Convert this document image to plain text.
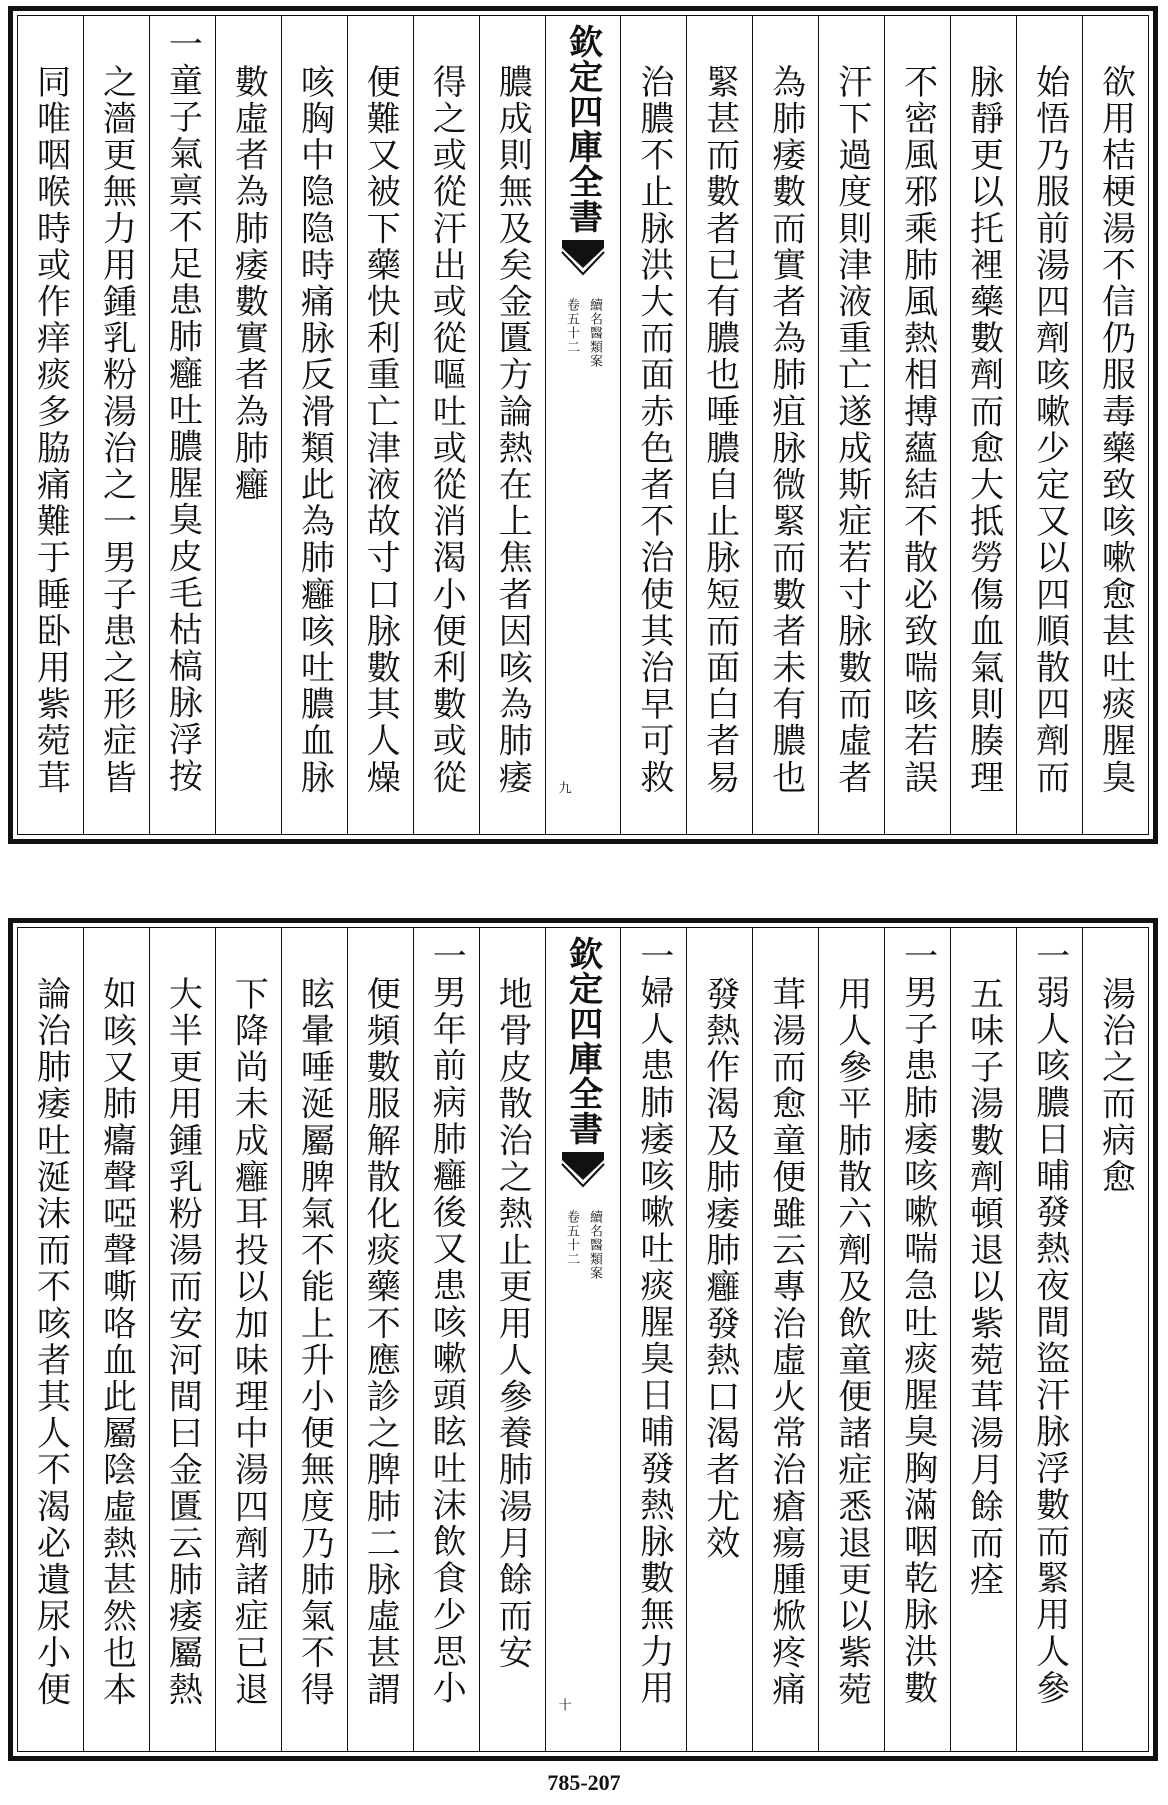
欲用桔梗湯不信仍服毒藥致咳嗽愈甚吐痰腥臭
始悟乃服前湯四劑咳嗽少定又以四順散四劑而
脉靜更以托裡藥數劑而愈大抵勞傷血氣則腠理
不密風邪乘肺風熱相搏蘊結不散必致喘咳若誤
汗下過度則津液重亡遂成斯症若寸脉數而虛者
為肺痿數而實者為肺疽脉微緊而數者未有膿也
緊甚而數者已有膿也唾膿自止脉短而面白者易
治膿不止脉洪大而面赤色者不治使其治早可救
欽定四庫全書
續名醫類案
卷五十二
九
膿成則無及矣金匱方論熱在上焦者因咳為肺痿
得之或從汗出或從嘔吐或從消渴小便利數或從
便難又被下藥快利重亡津液故寸口脉數其人燥
咳胸中隐隐時痛脉反滑類此為肺癰咳吐膿血脉
數虛者為肺痿數實者為肺癰
一童子氣禀不足患肺癰吐膿腥臭皮毛枯槁脉浮按
之濇更無力用鍾乳粉湯治之一男子患之形症皆
同唯咽喉時或作痒痰多脇痛難于睡卧用紫菀茸
湯治之而病愈
一弱人咳膿日晡發熱夜間盜汗脉浮數而緊用人參
五味子湯數劑頓退以紫菀茸湯月餘而痊
一男子患肺痿咳嗽喘急吐痰腥臭胸滿咽乾脉洪數
用人參平肺散六劑及飲童便諸症悉退更以紫菀
茸湯而愈童便雖云專治虛火常治瘡瘍腫焮疼痛
發熱作渴及肺痿肺癰發熱口渴者尤效
一婦人患肺痿咳嗽吐痰腥臭日晡發熱脉數無力用
欽定四庫全書
續名醫類案
卷五十二
十
地骨皮散治之熱止更用人參養肺湯月餘而安
一男年前病肺癰後又患咳嗽頭眩吐沫飲食少思小
便頻數服解散化痰藥不應診之脾肺二脉虛甚謂
眩暈唾涎屬脾氣不能上升小便無度乃肺氣不得
下降尚未成癰耳投以加味理中湯四劑諸症已退
大半更用鍾乳粉湯而安河間曰金匱云肺痿屬熱
如咳又肺癟聲啞聲嘶咯血此屬陰虛熱甚然也本
論治肺痿吐涎沫而不咳者其人不渴必遺尿小便
785-207
